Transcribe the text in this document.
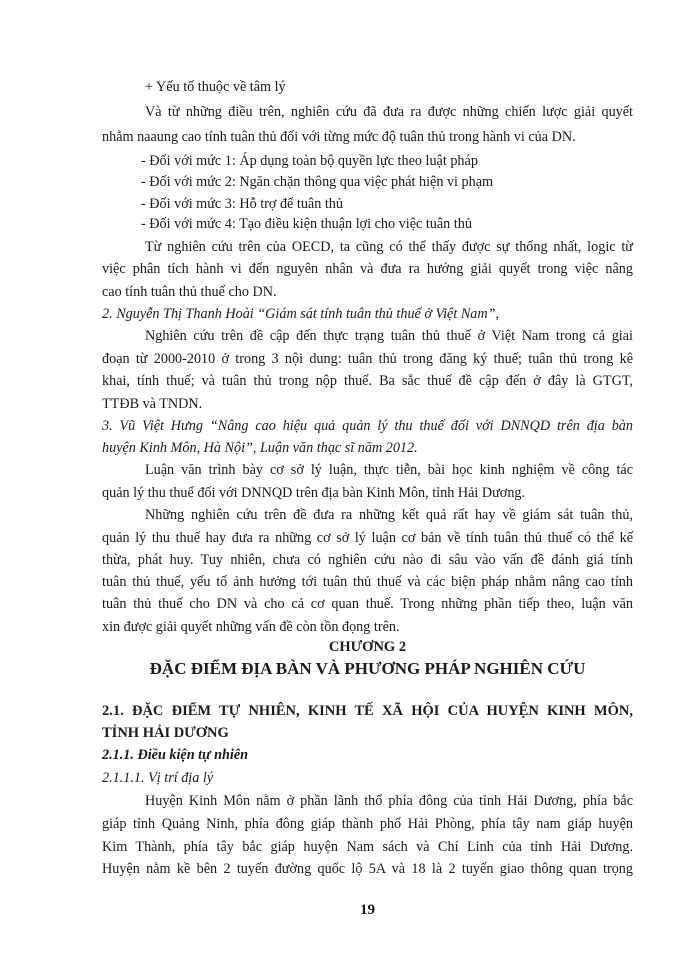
+ Yếu tố thuộc về tâm lý

Và từ những điều trên, nghiên cứu đã đưa ra được những chiến lược giải quyết

nhằm naaung cao tính tuân thủ đối với từng mức độ tuân thủ trong hành vi của DN.

- Đối với mức 1: Áp dụng toàn bộ quyền lực theo luật pháp

- Đối với mức 2: Ngăn chặn thông qua việc phát hiện vi phạm

- Đối với mức 3: Hỗ trợ để tuân thủ

- Đối với mức 4: Tạo điều kiện thuận lợi cho việc tuân thủ

Từ nghiên cứu trên của OECD, ta cũng có thể thấy được sự thống nhất, logic từ

việc phân tích hành vi đến nguyên nhân và đưa ra hướng giải quyết trong việc nâng

cao tính tuân thủ thuế cho DN.

2. Nguyễn Thị Thanh Hoài “Giám sát tính tuân thủ thuế ở Việt Nam”,

Nghiên cứu trên đề cập đến thực trạng tuân thủ thuế ở Việt Nam trong cả giai

đoạn từ 2000-2010 ở trong 3 nội dung: tuân thủ trong đăng ký thuế; tuân thủ trong kê

khai, tính thuế; và tuân thủ trong nộp thuế. Ba sắc thuế đề cập đến ở đây là GTGT,

TTĐB và TNDN.

3. Vũ Việt Hưng “Nâng cao hiệu quả quản lý thu thuế đối với DNNQD trên địa bàn

huyện Kinh Môn, Hà Nội”, Luận văn thạc sĩ năm 2012.

Luận văn trình bày cơ sở lý luận, thực tiễn, bài học kinh nghiệm về công tác

quản lý thu thuế đối với DNNQD trên địa bàn Kinh Môn, tỉnh Hải Dương.

Những nghiên cứu trên đề đưa ra những kết quả rất hay về giám sát tuân thủ,

quản lý thu thuế hay đưa ra những cơ sở lý luận cơ bản về tính tuân thủ thuế có thể kế

thừa, phát huy. Tuy nhiên, chưa có nghiên cứu nào đi sâu vào vấn đề đánh giá tính

tuân thủ thuế, yếu tố ảnh hưởng tới tuân thủ thuế và các biện pháp nhằm nâng cao tính

tuân thủ thuế cho DN và cho cả cơ quan thuế. Trong những phần tiếp theo, luận văn

xin được giải quyết những vấn đề còn tồn đọng trên.

CHƯƠNG 2

ĐẶC ĐIỂM ĐỊA BÀN VÀ PHƯƠNG PHÁP NGHIÊN CỨU

2.1. ĐẶC ĐIỂM TỰ NHIÊN, KINH TẾ XÃ HỘI CỦA HUYỆN KINH MÔN,

TỈNH HẢI DƯƠNG

2.1.1. Điều kiện tự nhiên

2.1.1.1. Vị trí địa lý

Huyện Kinh Môn nằm ở phần lãnh thổ phía đông của tỉnh Hải Dương, phía bắc

giáp tỉnh Quảng Ninh, phía đông giáp thành phố Hải Phòng, phía tây nam giáp huyện

Kim Thành, phía tây bắc giáp huyện Nam sách và Chí Linh của tỉnh Hải Dương.

Huyện nằm kề bên 2 tuyến đường quốc lộ 5A và 18 là 2 tuyến giao thông quan trọng

19
